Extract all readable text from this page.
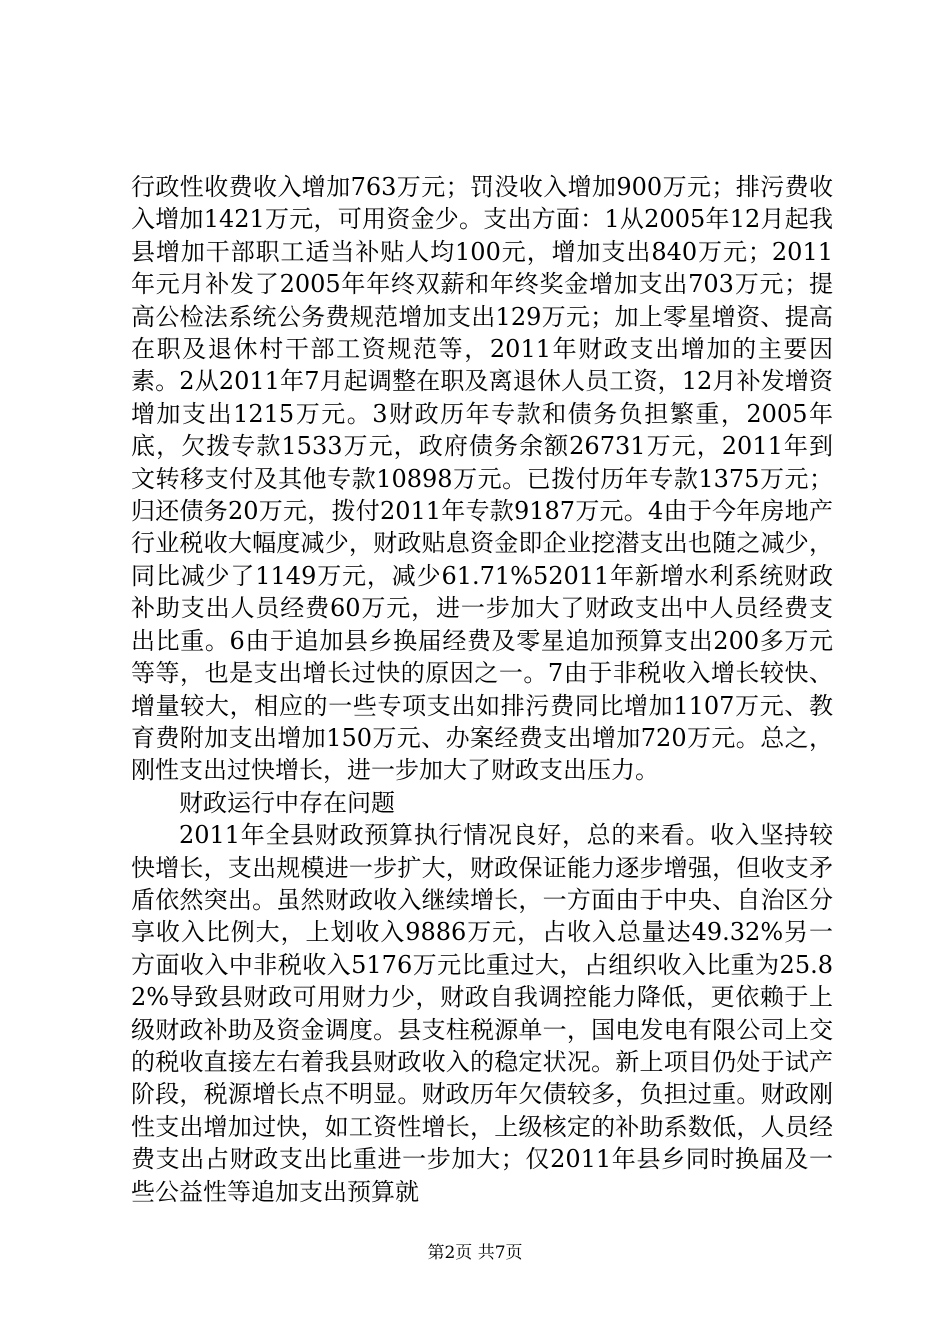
行政性收费收入增加763万元；罚没收入增加900万元；排污费收入增加1421万元，可用资金少。支出方面：1从2005年12月起我县增加干部职工适当补贴人均100元，增加支出840万元；2011年元月补发了2005年年终双薪和年终奖金增加支出703万元；提高公检法系统公务费规范增加支出129万元；加上零星增资、提高在职及退休村干部工资规范等，2011年财政支出增加的主要因素。2从2011年7月起调整在职及离退休人员工资，12月补发增资增加支出1215万元。3财政历年专款和债务负担繁重，2005年底，欠拨专款1533万元，政府债务余额26731万元，2011年到文转移支付及其他专款10898万元。已拨付历年专款1375万元；归还债务20万元，拨付2011年专款9187万元。4由于今年房地产行业税收大幅度减少，财政贴息资金即企业挖潜支出也随之减少，同比减少了1149万元，减少61.71%52011年新增水利系统财政补助支出人员经费60万元，进一步加大了财政支出中人员经费支出比重。6由于追加县乡换届经费及零星追加预算支出200多万元等等，也是支出增长过快的原因之一。7由于非税收入增长较快、增量较大，相应的一些专项支出如排污费同比增加1107万元、教育费附加支出增加150万元、办案经费支出增加720万元。总之，刚性支出过快增长，进一步加大了财政支出压力。

财政运行中存在问题

2011年全县财政预算执行情况良好，总的来看。收入坚持较快增长，支出规模进一步扩大，财政保证能力逐步增强，但收支矛盾依然突出。虽然财政收入继续增长，一方面由于中央、自治区分享收入比例大，上划收入9886万元，占收入总量达49.32%另一方面收入中非税收入5176万元比重过大，占组织收入比重为25.82%导致县财政可用财力少，财政自我调控能力降低，更依赖于上级财政补助及资金调度。县支柱税源单一，国电发电有限公司上交的税收直接左右着我县财政收入的稳定状况。新上项目仍处于试产阶段，税源增长点不明显。财政历年欠债较多，负担过重。财政刚性支出增加过快，如工资性增长，上级核定的补助系数低，人员经费支出占财政支出比重进一步加大；仅2011年县乡同时换届及一些公益性等追加支出预算就

第2页 共7页
